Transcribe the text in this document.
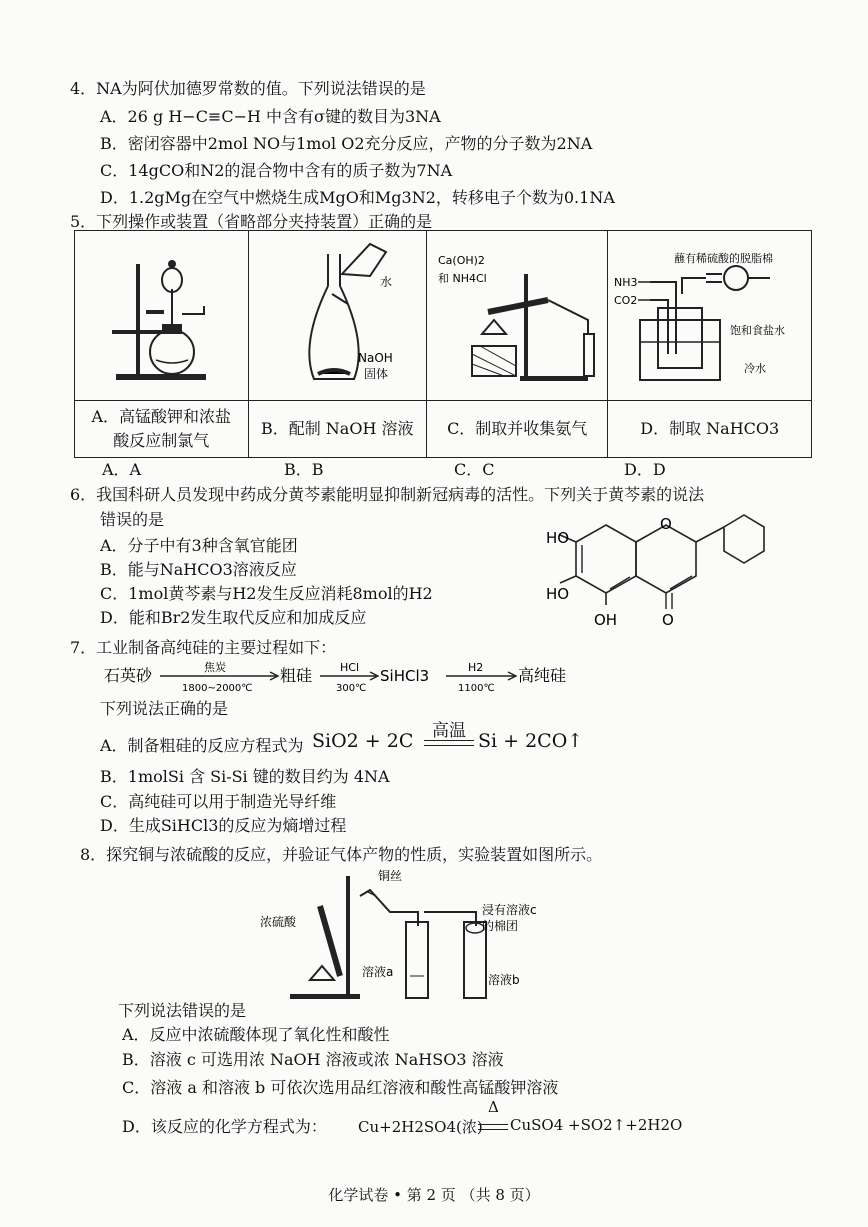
4．NA为阿伏加德罗常数的值。下列说法错误的是
A．26 g H−C≡C−H 中含有σ键的数目为3NA
B．密闭容器中2mol NO与1mol O2充分反应，产物的分子数为2NA
C．14gCO和N2的混合物中含有的质子数为7NA
D．1.2gMg在空气中燃烧生成MgO和Mg3N2，转移电子个数为0.1NA
5．下列操作或装置（省略部分夹持装置）正确的是

水
NaOH
固体	Ca(OH)2
和 NH4Cl	蘸有稀硫酸的脱脂棉
NH3
CO2
饱和食盐水
冷水

A．高锰酸钾和浓盐酸反应制氯气	B．配制 NaOH 溶液	C．制取并收集氨气	D．制取 NaHCO3
A．A	B．B	C．C	D．D
6．我国科研人员发现中药成分黄芩素能明显抑制新冠病毒的活性。下列关于黄芩素的说法
错误的是
A．分子中有3种含氧官能团
B．能与NaHCO3溶液反应
C．1mol黄芩素与H2发生反应消耗8mol的H2
D．能和Br2发生取代反应和加成反应
HO
HO
OH
O
O
7．工业制备高纯硅的主要过程如下：
石英砂	焦炭
1800~2000℃
粗硅	HCl
300℃
SiHCl3	H2
1100℃
高纯硅
下列说法正确的是
A．制备粗硅的反应方程式为 SiO2 + 2C 高温 Si + 2CO↑
B．1molSi 含 Si-Si 键的数目约为 4NA
C．高纯硅可以用于制造光导纤维
D．生成SiHCl3的反应为熵增过程
8．探究铜与浓硫酸的反应，并验证气体产物的性质，实验装置如图所示。
铜丝
浓硫酸
浸有溶液c
的棉团
溶液a
溶液b
下列说法错误的是
A．反应中浓硫酸体现了氧化性和酸性
B．溶液 c 可选用浓 NaOH 溶液或浓 NaHSO3 溶液
C．溶液 a 和溶液 b 可依次选用品红溶液和酸性高锰酸钾溶液
D．该反应的化学方程式为： Cu+2H2SO4(浓)
Δ
CuSO4 +SO2↑+2H2O
化学试卷 • 第 2 页 （共 8 页）
